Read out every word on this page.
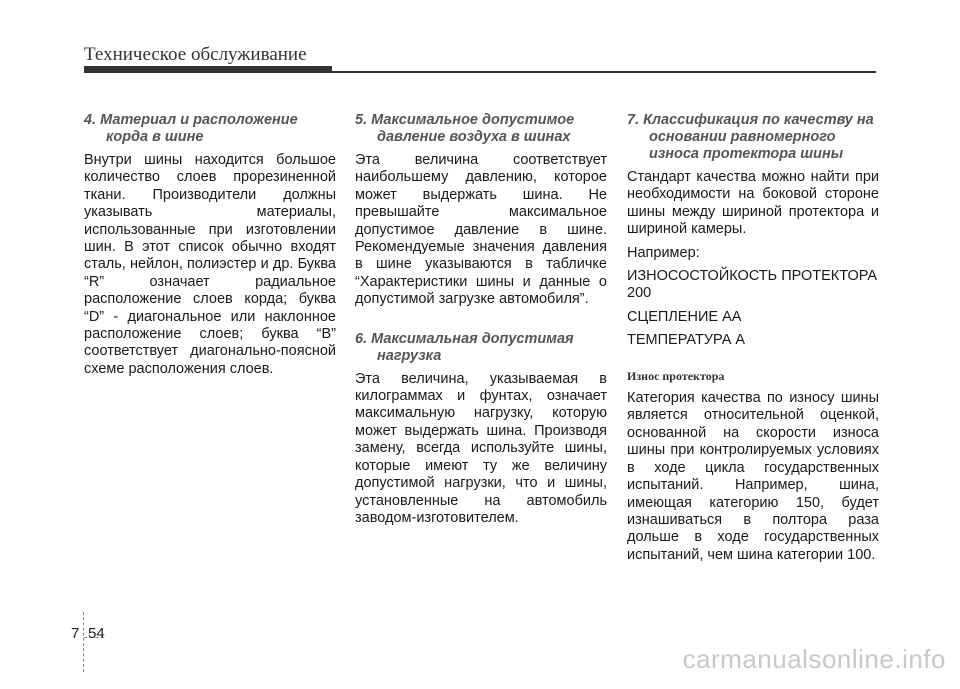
Техническое обслуживание
4. Материал и расположение корда в шине
Внутри шины находится большое количество слоев прорезиненной ткани. Производители должны указывать материалы, использованные при изготовлении шин. В этот список обычно входят сталь, нейлон, полиэстер и др. Буква “R” означает радиальное расположение слоев корда; буква “D” - диагональное или наклонное расположение слоев; буква “B” соответствует диагонально-поясной схеме расположения слоев.
5. Максимальное допустимое давление воздуха в шинах
Эта величина соответствует наибольшему давлению, которое может выдержать шина. Не превышайте максимальное допустимое давление в шине. Рекомендуемые значения давления в шине указываются в табличке “Характеристики шины и данные о допустимой загрузке автомобиля”.
6. Максимальная допустимая нагрузка
Эта величина, указываемая в килограммах и фунтах, означает максимальную нагрузку, которую может выдержать шина. Производя замену, всегда используйте шины, которые имеют ту же величину допустимой нагрузки, что и шины, установленные на автомобиль заводом-изготовителем.
7. Классификация по качеству на основании равномерного износа протектора шины
Стандарт качества можно найти при необходимости на боковой стороне шины между шириной протектора и шириной камеры.
Например:
ИЗНОСОСТОЙКОСТЬ ПРОТЕКТОРА 200
СЦЕПЛЕНИЕ АА
ТЕМПЕРАТУРА А
Износ протектора
Категория качества по износу шины является относительной оценкой, основанной на скорости износа шины при контролируемых условиях в ходе цикла государственных испытаний. Например, шина, имеющая категорию 150, будет изнашиваться в полтора раза дольше в ходе государственных испытаний, чем шина категории 100.
7 54
carmanualsonline.info
